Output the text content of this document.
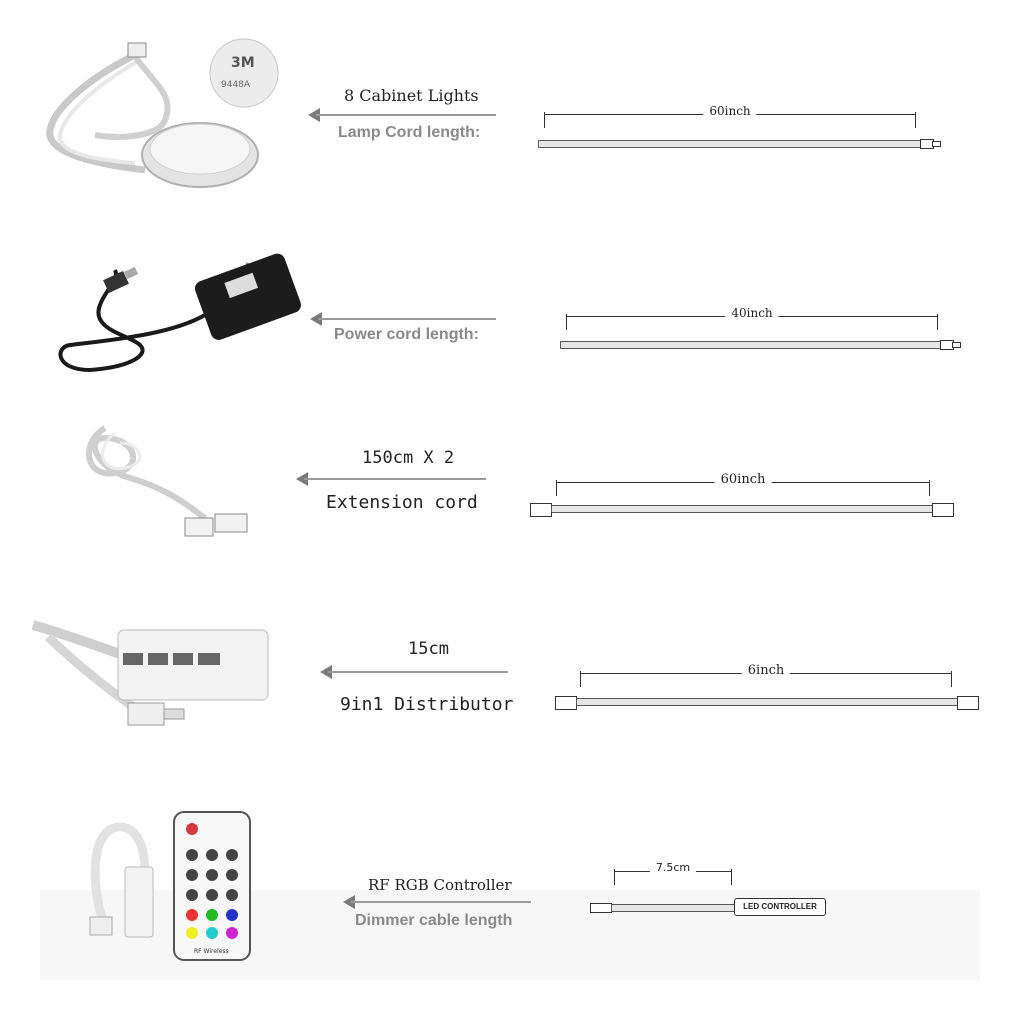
3M
9448A
8 Cabinet Lights
Lamp Cord length:
60inch
Power cord length:
40inch
150cm X 2
Extension cord
60inch
15cm
9in1 Distributor
6inch
RF Wireless
RF RGB Controller
Dimmer cable length
7.5cm
LED CONTROLLER
